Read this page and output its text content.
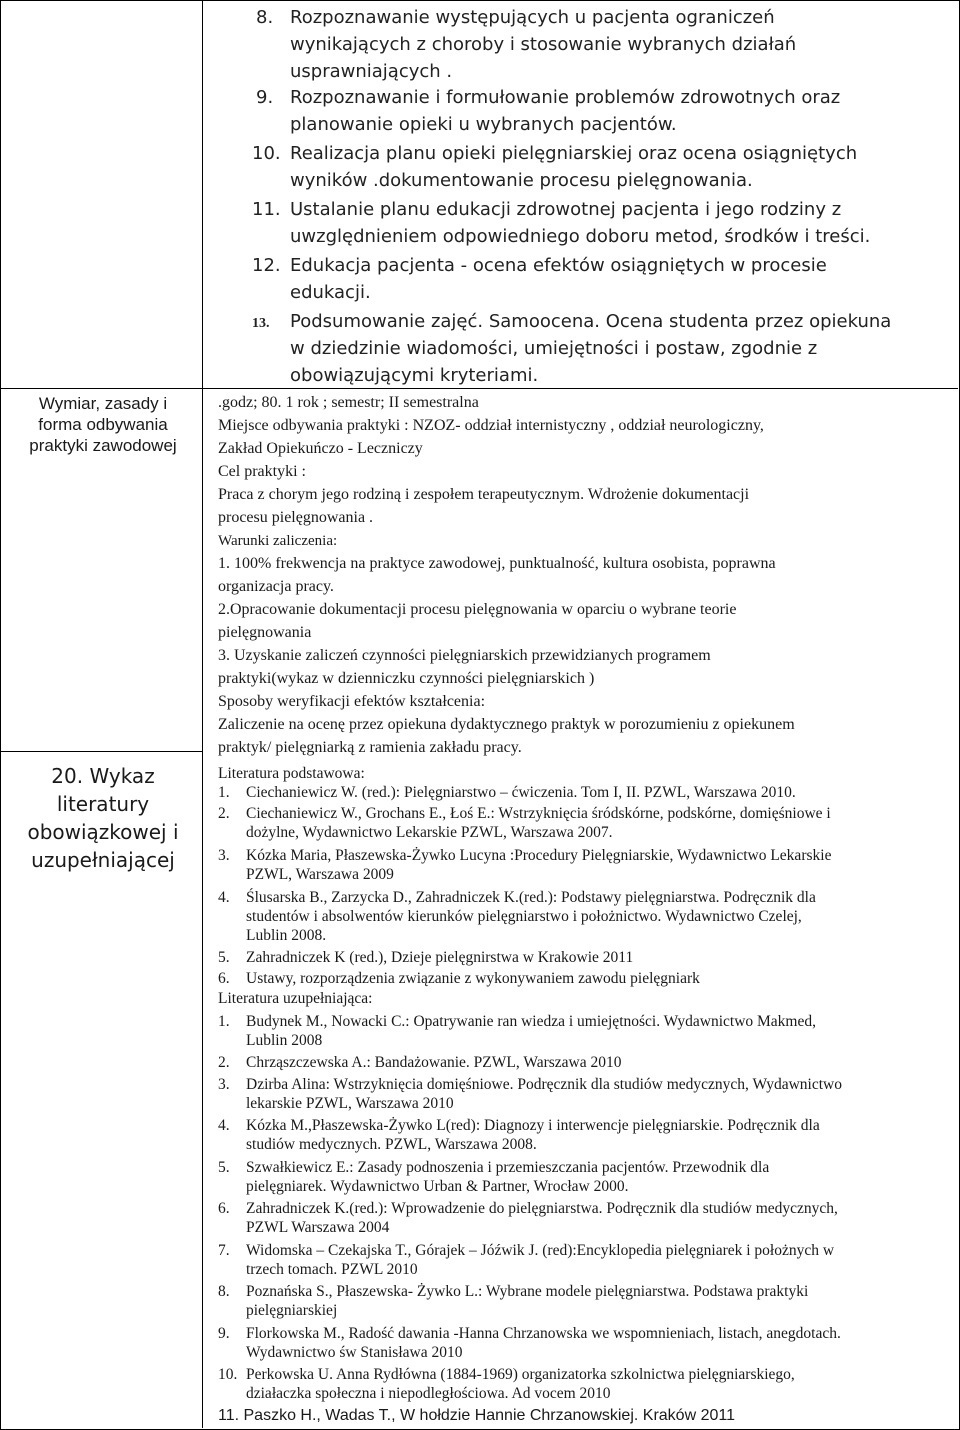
Wymiar, zasady i
forma odbywania
praktyki zawodowej
20. Wykaz
literatury
obowiązkowej i
uzupełniającej
8. Rozpoznawanie występujących u pacjenta ograniczeń
wynikających z choroby i stosowanie wybranych działań
usprawniających .
9. Rozpoznawanie i formułowanie problemów zdrowotnych oraz
planowanie opieki u wybranych pacjentów.
10. Realizacja planu opieki pielęgniarskiej oraz ocena osiągniętych
wyników .dokumentowanie procesu pielęgnowania.
11. Ustalanie planu edukacji zdrowotnej pacjenta i jego rodziny z
uwzględnieniem odpowiedniego doboru metod, środków i treści.
12. Edukacja pacjenta - ocena efektów osiągniętych w procesie
edukacji.
13. Podsumowanie zajęć. Samoocena. Ocena studenta przez opiekuna
w dziedzinie wiadomości, umiejętności i postaw, zgodnie z
obowiązującymi kryteriami.
.godz; 80. 1 rok ; semestr; II semestralna
Miejsce odbywania praktyki : NZOZ- oddział internistyczny , oddział neurologiczny,
Zakład Opiekuńczo - Leczniczy
Cel praktyki :
Praca z chorym jego rodziną i zespołem terapeutycznym. Wdrożenie dokumentacji
procesu pielęgnowania .
Warunki zaliczenia:
1. 100% frekwencja na praktyce zawodowej, punktualność, kultura osobista, poprawna
organizacja pracy.
2.Opracowanie dokumentacji procesu pielęgnowania w oparciu o wybrane teorie
pielęgnowania
3. Uzyskanie zaliczeń czynności pielęgniarskich przewidzianych programem
praktyki(wykaz w dzienniczku czynności pielęgniarskich )
Sposoby weryfikacji efektów kształcenia:
Zaliczenie na ocenę przez opiekuna dydaktycznego praktyk w porozumieniu z opiekunem
praktyk/ pielęgniarką z ramienia zakładu pracy.
Literatura podstawowa:
1. Ciechaniewicz W. (red.): Pielęgniarstwo – ćwiczenia. Tom I, II. PZWL, Warszawa 2010.
2. Ciechaniewicz W., Grochans E., Łoś E.: Wstrzyknięcia śródskórne, podskórne, domięśniowe i
dożylne, Wydawnictwo Lekarskie PZWL, Warszawa 2007.
3. Kózka Maria, Płaszewska-Żywko Lucyna :Procedury Pielęgniarskie, Wydawnictwo Lekarskie
PZWL, Warszawa 2009
4. Ślusarska B., Zarzycka D., Zahradniczek K.(red.): Podstawy pielęgniarstwa. Podręcznik dla
studentów i absolwentów kierunków pielęgniarstwo i położnictwo. Wydawnictwo Czelej,
Lublin 2008.
5. Zahradniczek K (red.), Dzieje pielęgnirstwa w Krakowie 2011
6. Ustawy, rozporządzenia związanie z wykonywaniem zawodu pielęgniark
Literatura uzupełniająca:
1. Budynek M., Nowacki C.: Opatrywanie ran wiedza i umiejętności. Wydawnictwo Makmed,
Lublin 2008
2. Chrząszczewska A.: Bandażowanie. PZWL, Warszawa 2010
3. Dzirba Alina: Wstrzyknięcia domięśniowe. Podręcznik dla studiów medycznych, Wydawnictwo
lekarskie PZWL, Warszawa 2010
4. Kózka M.,Płaszewska-Żywko L(red): Diagnozy i interwencje pielęgniarskie. Podręcznik dla
studiów medycznych. PZWL, Warszawa 2008.
5. Szwałkiewicz E.: Zasady podnoszenia i przemieszczania pacjentów. Przewodnik dla
pielęgniarek. Wydawnictwo Urban & Partner, Wrocław 2000.
6. Zahradniczek K.(red.): Wprowadzenie do pielęgniarstwa. Podręcznik dla studiów medycznych,
PZWL Warszawa 2004
7. Widomska – Czekajska T., Górajek – Jóźwik J. (red):Encyklopedia pielęgniarek i położnych w
trzech tomach. PZWL 2010
8. Poznańska S., Płaszewska- Żywko L.: Wybrane modele pielęgniarstwa. Podstawa praktyki
pielęgniarskiej
9. Florkowska M., Radość dawania -Hanna Chrzanowska we wspomnieniach, listach, anegdotach.
Wydawnictwo św Stanisława 2010
10. Perkowska U. Anna Rydłówna (1884-1969) organizatorka szkolnictwa pielęgniarskiego,
działaczka społeczna i niepodległościowa. Ad vocem 2010
11. Paszko H., Wadas T., W hołdzie Hannie Chrzanowskiej. Kraków 2011
